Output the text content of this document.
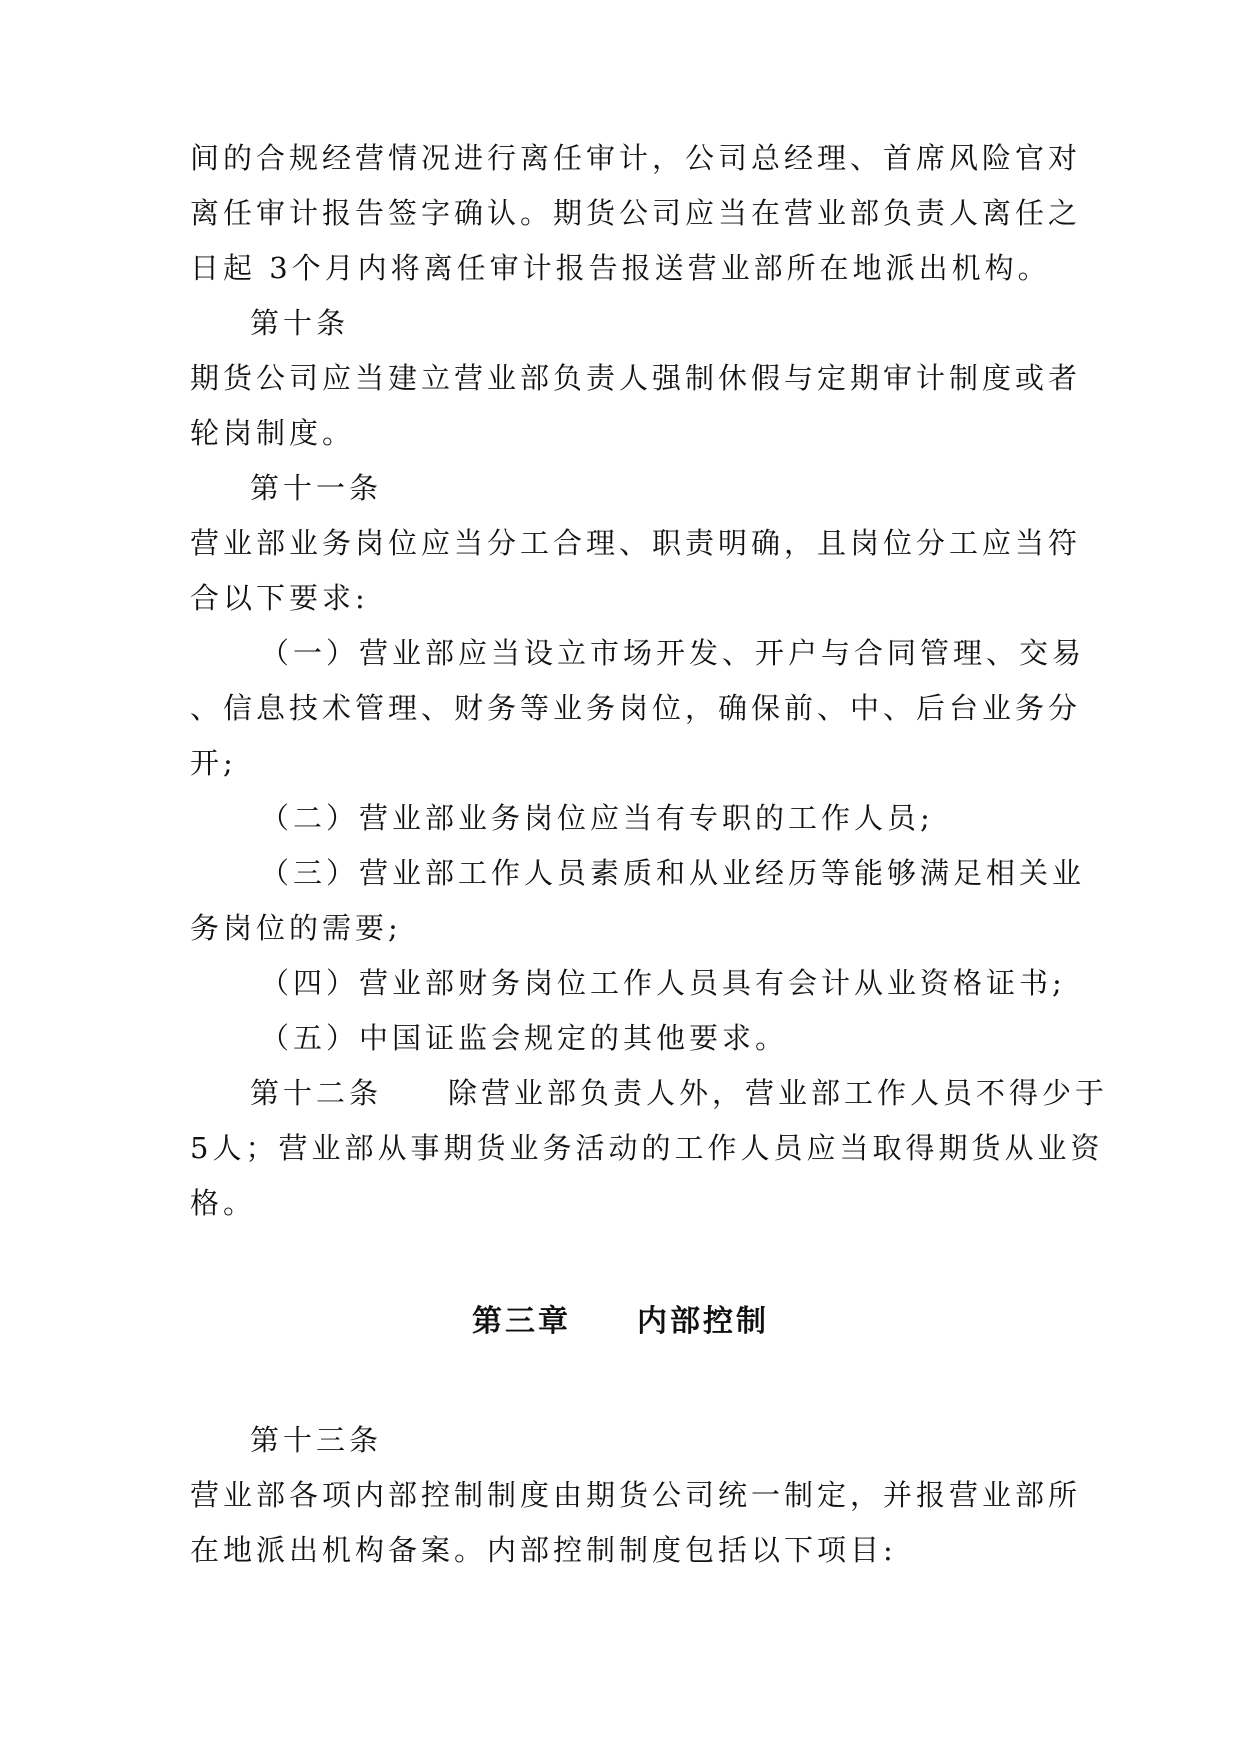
间的合规经营情况进行离任审计，公司总经理、首席风险官对
离任审计报告签字确认。期货公司应当在营业部负责人离任之
日起 3个月内将离任审计报告报送营业部所在地派出机构。
第十条
期货公司应当建立营业部负责人强制休假与定期审计制度或者
轮岗制度。
第十一条
营业部业务岗位应当分工合理、职责明确，且岗位分工应当符
合以下要求:
（一）营业部应当设立市场开发、开户与合同管理、交易
、信息技术管理、财务等业务岗位，确保前、中、后台业务分
开;
（二）营业部业务岗位应当有专职的工作人员;
（三）营业部工作人员素质和从业经历等能够满足相关业
务岗位的需要;
（四）营业部财务岗位工作人员具有会计从业资格证书;
（五）中国证监会规定的其他要求。
第十二条　　除营业部负责人外，营业部工作人员不得少于
5人；营业部从事期货业务活动的工作人员应当取得期货从业资
格。
第三章　　内部控制
第十三条
营业部各项内部控制制度由期货公司统一制定，并报营业部所
在地派出机构备案。内部控制制度包括以下项目:
